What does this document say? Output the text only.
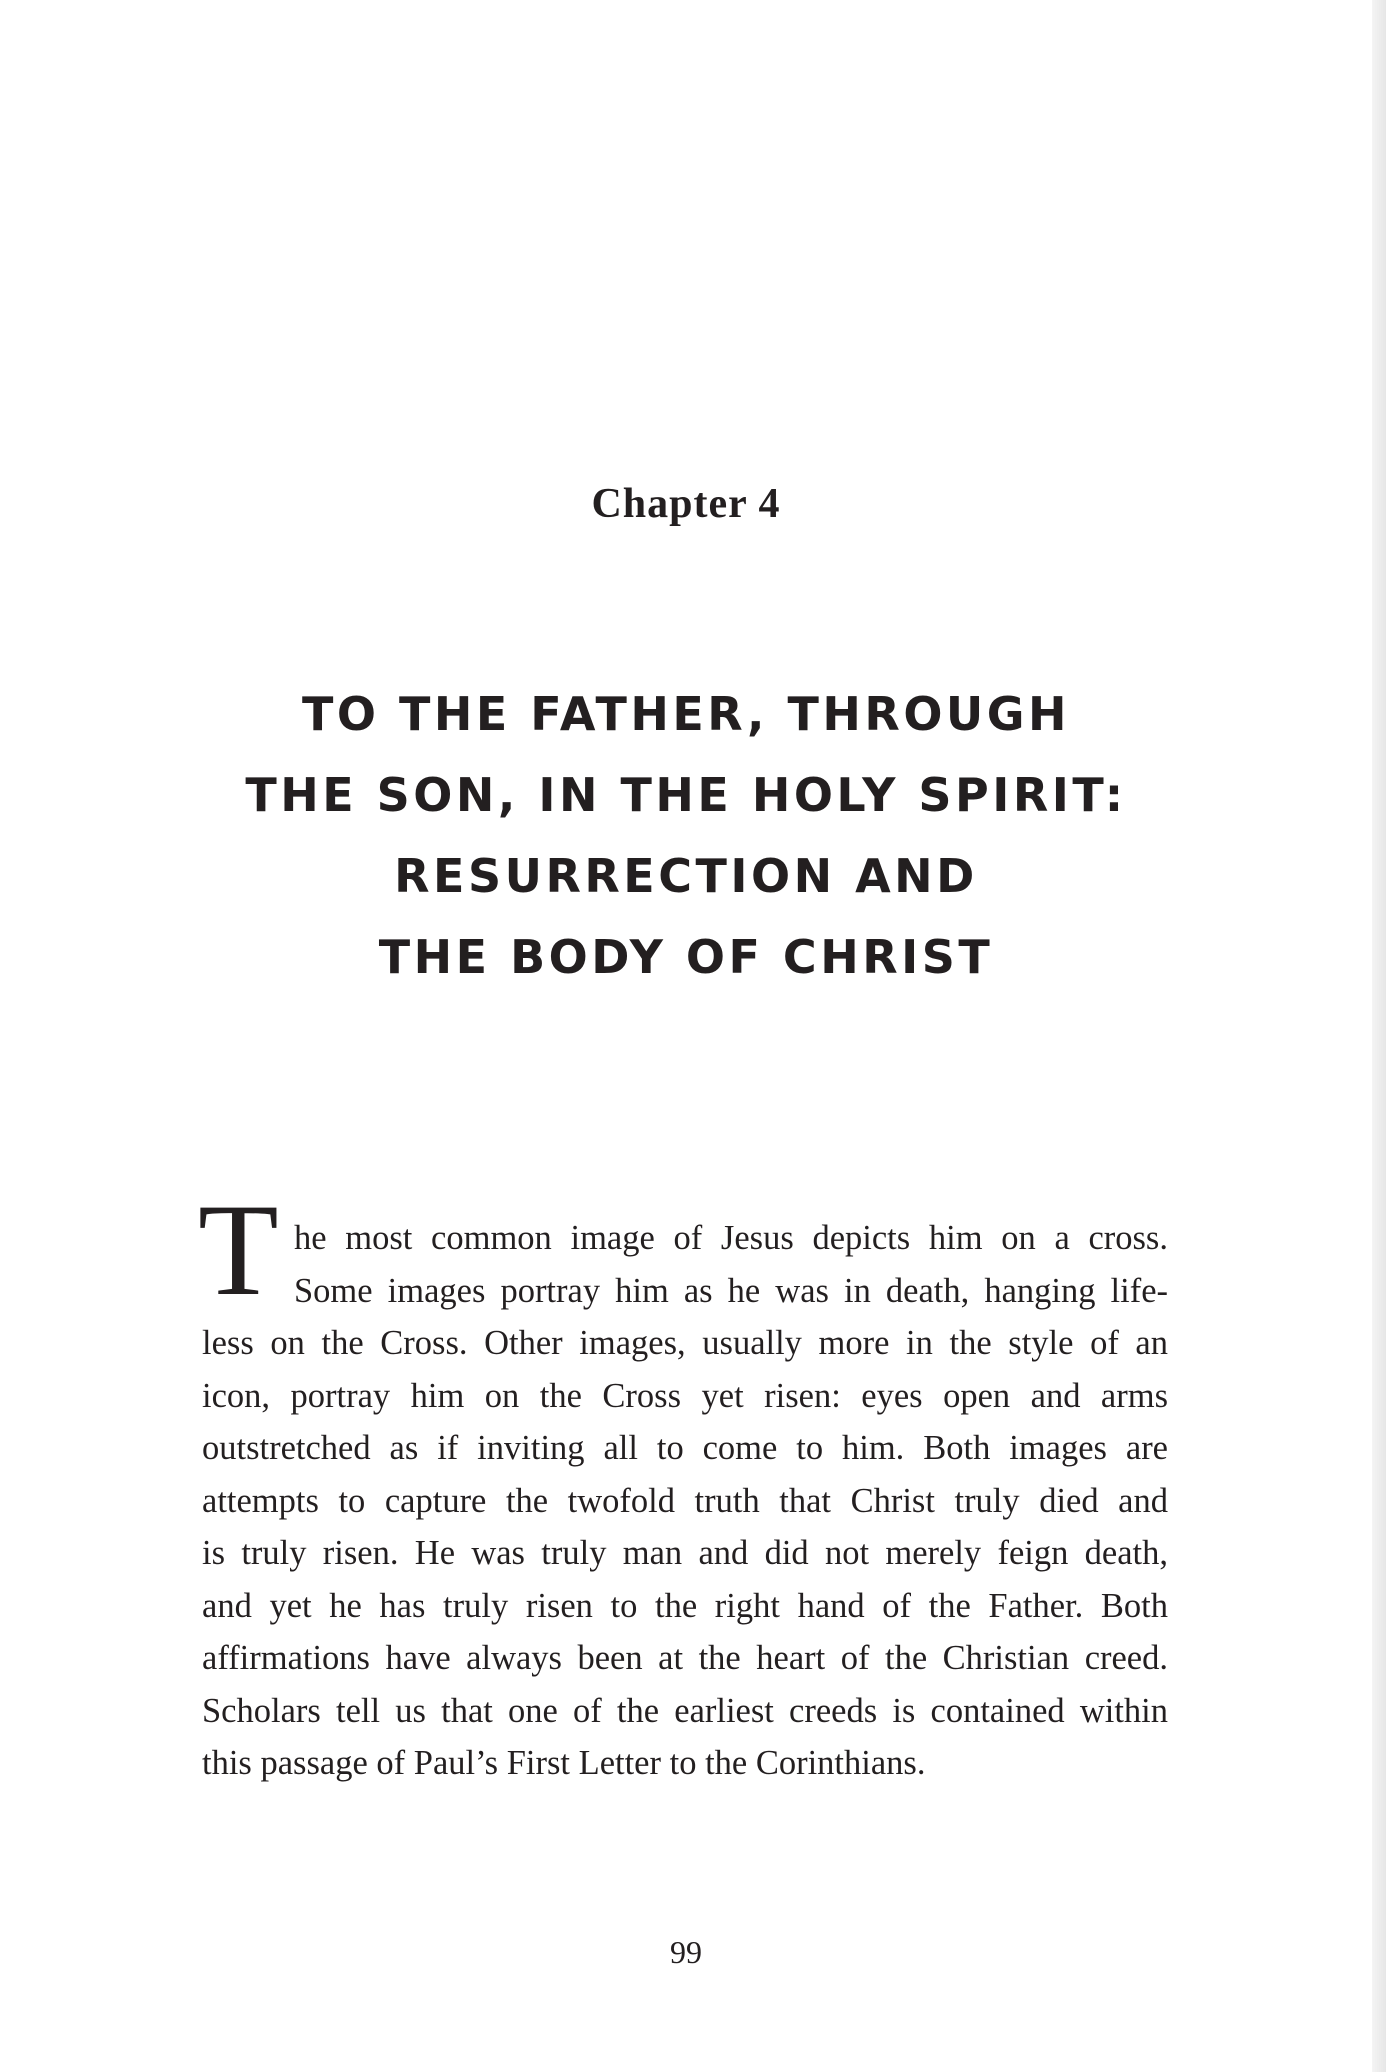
Chapter 4
TO THE FATHER, THROUGH
THE SON, IN THE HOLY SPIRIT:
RESURRECTION AND
THE BODY OF CHRIST
T he most common image of Jesus depicts him on a cross.
Some images portray him as he was in death, hanging life-
less on the Cross. Other images, usually more in the style of an
icon, portray him on the Cross yet risen: eyes open and arms
outstretched as if inviting all to come to him. Both images are
attempts to capture the twofold truth that Christ truly died and
is truly risen. He was truly man and did not merely feign death,
and yet he has truly risen to the right hand of the Father. Both
affirmations have always been at the heart of the Christian creed.
Scholars tell us that one of the earliest creeds is contained within
this passage of Paul’s First Letter to the Corinthians.
99
